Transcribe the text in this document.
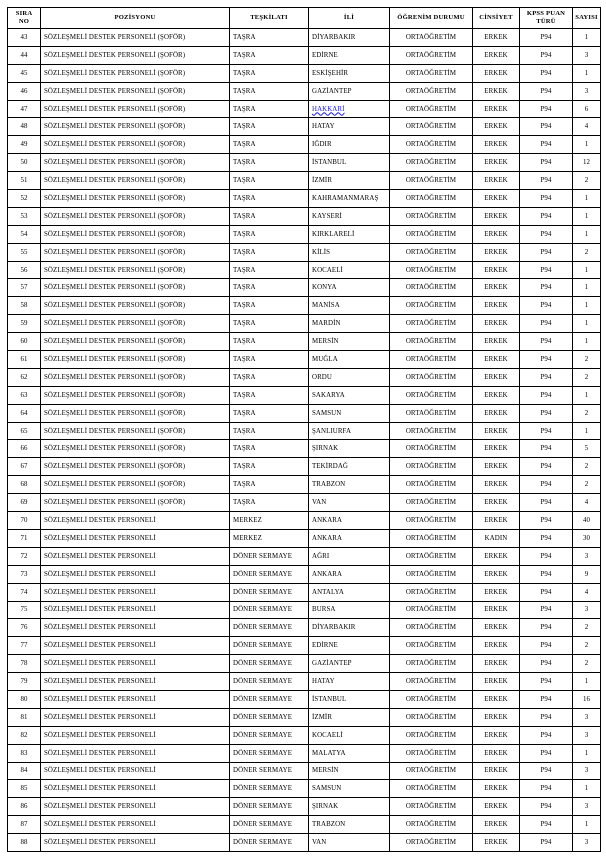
SIRA NO	POZİSYONU	TEŞKİLATI	İLİ	ÖĞRENİM DURUMU	CİNSİYET	KPSS PUAN TÜRÜ	SAYISI
43	SÖZLEŞMELİ DESTEK PERSONELİ (ŞOFÖR)	TAŞRA	DİYARBAKIR	ORTAÖĞRETİM	ERKEK	P94	1
44	SÖZLEŞMELİ DESTEK PERSONELİ (ŞOFÖR)	TAŞRA	EDİRNE	ORTAÖĞRETİM	ERKEK	P94	3
45	SÖZLEŞMELİ DESTEK PERSONELİ (ŞOFÖR)	TAŞRA	ESKİŞEHİR	ORTAÖĞRETİM	ERKEK	P94	1
46	SÖZLEŞMELİ DESTEK PERSONELİ (ŞOFÖR)	TAŞRA	GAZİANTEP	ORTAÖĞRETİM	ERKEK	P94	3
47	SÖZLEŞMELİ DESTEK PERSONELİ (ŞOFÖR)	TAŞRA	HAKKARİ	ORTAÖĞRETİM	ERKEK	P94	6
48	SÖZLEŞMELİ DESTEK PERSONELİ (ŞOFÖR)	TAŞRA	HATAY	ORTAÖĞRETİM	ERKEK	P94	4
49	SÖZLEŞMELİ DESTEK PERSONELİ (ŞOFÖR)	TAŞRA	IĞDIR	ORTAÖĞRETİM	ERKEK	P94	1
50	SÖZLEŞMELİ DESTEK PERSONELİ (ŞOFÖR)	TAŞRA	İSTANBUL	ORTAÖĞRETİM	ERKEK	P94	12
51	SÖZLEŞMELİ DESTEK PERSONELİ (ŞOFÖR)	TAŞRA	İZMİR	ORTAÖĞRETİM	ERKEK	P94	2
52	SÖZLEŞMELİ DESTEK PERSONELİ (ŞOFÖR)	TAŞRA	KAHRAMANMARAŞ	ORTAÖĞRETİM	ERKEK	P94	1
53	SÖZLEŞMELİ DESTEK PERSONELİ (ŞOFÖR)	TAŞRA	KAYSERİ	ORTAÖĞRETİM	ERKEK	P94	1
54	SÖZLEŞMELİ DESTEK PERSONELİ (ŞOFÖR)	TAŞRA	KIRKLARELİ	ORTAÖĞRETİM	ERKEK	P94	1
55	SÖZLEŞMELİ DESTEK PERSONELİ (ŞOFÖR)	TAŞRA	KİLİS	ORTAÖĞRETİM	ERKEK	P94	2
56	SÖZLEŞMELİ DESTEK PERSONELİ (ŞOFÖR)	TAŞRA	KOCAELİ	ORTAÖĞRETİM	ERKEK	P94	1
57	SÖZLEŞMELİ DESTEK PERSONELİ (ŞOFÖR)	TAŞRA	KONYA	ORTAÖĞRETİM	ERKEK	P94	1
58	SÖZLEŞMELİ DESTEK PERSONELİ (ŞOFÖR)	TAŞRA	MANİSA	ORTAÖĞRETİM	ERKEK	P94	1
59	SÖZLEŞMELİ DESTEK PERSONELİ (ŞOFÖR)	TAŞRA	MARDİN	ORTAÖĞRETİM	ERKEK	P94	1
60	SÖZLEŞMELİ DESTEK PERSONELİ (ŞOFÖR)	TAŞRA	MERSİN	ORTAÖĞRETİM	ERKEK	P94	1
61	SÖZLEŞMELİ DESTEK PERSONELİ (ŞOFÖR)	TAŞRA	MUĞLA	ORTAÖĞRETİM	ERKEK	P94	2
62	SÖZLEŞMELİ DESTEK PERSONELİ (ŞOFÖR)	TAŞRA	ORDU	ORTAÖĞRETİM	ERKEK	P94	2
63	SÖZLEŞMELİ DESTEK PERSONELİ (ŞOFÖR)	TAŞRA	SAKARYA	ORTAÖĞRETİM	ERKEK	P94	1
64	SÖZLEŞMELİ DESTEK PERSONELİ (ŞOFÖR)	TAŞRA	SAMSUN	ORTAÖĞRETİM	ERKEK	P94	2
65	SÖZLEŞMELİ DESTEK PERSONELİ (ŞOFÖR)	TAŞRA	ŞANLIURFA	ORTAÖĞRETİM	ERKEK	P94	1
66	SÖZLEŞMELİ DESTEK PERSONELİ (ŞOFÖR)	TAŞRA	ŞIRNAK	ORTAÖĞRETİM	ERKEK	P94	5
67	SÖZLEŞMELİ DESTEK PERSONELİ (ŞOFÖR)	TAŞRA	TEKİRDAĞ	ORTAÖĞRETİM	ERKEK	P94	2
68	SÖZLEŞMELİ DESTEK PERSONELİ (ŞOFÖR)	TAŞRA	TRABZON	ORTAÖĞRETİM	ERKEK	P94	2
69	SÖZLEŞMELİ DESTEK PERSONELİ (ŞOFÖR)	TAŞRA	VAN	ORTAÖĞRETİM	ERKEK	P94	4
70	SÖZLEŞMELİ DESTEK PERSONELİ	MERKEZ	ANKARA	ORTAÖĞRETİM	ERKEK	P94	40
71	SÖZLEŞMELİ DESTEK PERSONELİ	MERKEZ	ANKARA	ORTAÖĞRETİM	KADIN	P94	30
72	SÖZLEŞMELİ DESTEK PERSONELİ	DÖNER SERMAYE	AĞRI	ORTAÖĞRETİM	ERKEK	P94	3
73	SÖZLEŞMELİ DESTEK PERSONELİ	DÖNER SERMAYE	ANKARA	ORTAÖĞRETİM	ERKEK	P94	9
74	SÖZLEŞMELİ DESTEK PERSONELİ	DÖNER SERMAYE	ANTALYA	ORTAÖĞRETİM	ERKEK	P94	4
75	SÖZLEŞMELİ DESTEK PERSONELİ	DÖNER SERMAYE	BURSA	ORTAÖĞRETİM	ERKEK	P94	3
76	SÖZLEŞMELİ DESTEK PERSONELİ	DÖNER SERMAYE	DİYARBAKIR	ORTAÖĞRETİM	ERKEK	P94	2
77	SÖZLEŞMELİ DESTEK PERSONELİ	DÖNER SERMAYE	EDİRNE	ORTAÖĞRETİM	ERKEK	P94	2
78	SÖZLEŞMELİ DESTEK PERSONELİ	DÖNER SERMAYE	GAZİANTEP	ORTAÖĞRETİM	ERKEK	P94	2
79	SÖZLEŞMELİ DESTEK PERSONELİ	DÖNER SERMAYE	HATAY	ORTAÖĞRETİM	ERKEK	P94	1
80	SÖZLEŞMELİ DESTEK PERSONELİ	DÖNER SERMAYE	İSTANBUL	ORTAÖĞRETİM	ERKEK	P94	16
81	SÖZLEŞMELİ DESTEK PERSONELİ	DÖNER SERMAYE	İZMİR	ORTAÖĞRETİM	ERKEK	P94	3
82	SÖZLEŞMELİ DESTEK PERSONELİ	DÖNER SERMAYE	KOCAELİ	ORTAÖĞRETİM	ERKEK	P94	3
83	SÖZLEŞMELİ DESTEK PERSONELİ	DÖNER SERMAYE	MALATYA	ORTAÖĞRETİM	ERKEK	P94	1
84	SÖZLEŞMELİ DESTEK PERSONELİ	DÖNER SERMAYE	MERSİN	ORTAÖĞRETİM	ERKEK	P94	3
85	SÖZLEŞMELİ DESTEK PERSONELİ	DÖNER SERMAYE	SAMSUN	ORTAÖĞRETİM	ERKEK	P94	1
86	SÖZLEŞMELİ DESTEK PERSONELİ	DÖNER SERMAYE	ŞIRNAK	ORTAÖĞRETİM	ERKEK	P94	3
87	SÖZLEŞMELİ DESTEK PERSONELİ	DÖNER SERMAYE	TRABZON	ORTAÖĞRETİM	ERKEK	P94	1
88	SÖZLEŞMELİ DESTEK PERSONELİ	DÖNER SERMAYE	VAN	ORTAÖĞRETİM	ERKEK	P94	3
